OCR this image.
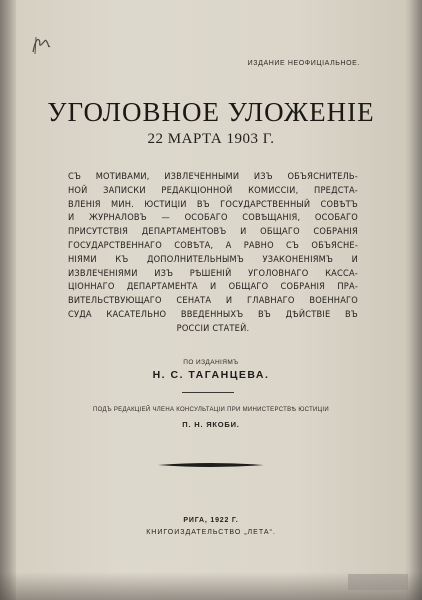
ИЗДАНИЕ НЕОФИЦІАЛЬНОЕ.
УГОЛОВНОЕ УЛОЖЕНІЕ
22 МАРТА 1903 Г.
СЪ МОТИВАМИ, ИЗВЛЕЧЕННЫМИ ИЗЪ ОБЪЯСНИТЕЛЬ-
НОЙ ЗАПИСКИ РЕДАКЦІОННОЙ КОМИССІИ, ПРЕДСТА-
ВЛЕНІЯ МИН. ЮСТИЦІИ ВЪ ГОСУДАРСТВЕННЫЙ СОВѢТЪ
И ЖУРНАЛОВЪ — ОСОБАГО СОВѢЩАНІЯ, ОСОБАГО
ПРИСУТСТВІЯ ДЕПАРТАМЕНТОВЪ И ОБЩАГО СОБРАНІЯ
ГОСУДАРСТВЕННАГО СОВѢТА, А РАВНО СЪ ОБЪЯСНЕ-
НІЯМИ КЪ ДОПОЛНИТЕЛЬНЫМЪ УЗАКОНЕНІЯМЪ И
ИЗВЛЕЧЕНІЯМИ ИЗЪ РѢШЕНІЙ УГОЛОВНАГО КАССА-
ЦІОННАГО ДЕПАРТАМЕНТА И ОБЩАГО СОБРАНІЯ ПРА-
ВИТЕЛЬСТВУЮЩАГО СЕНАТА И ГЛАВНАГО ВОЕННАГО
СУДА КАСАТЕЛЬНО ВВЕДЕННЫХЪ ВЪ ДѢЙСТВІЕ ВЪ
РОССІИ СТАТЕЙ.
ПО ИЗДАНІЯМЪ
Н. С. ТАГАНЦЕВА.
ПОДЪ РЕДАКЦІЕЙ ЧЛЕНА КОНСУЛЬТАЦІИ ПРИ МИНИСТЕРСТВѢ ЮСТИЦІИ
П. Н. ЯКОБИ.
РИГА, 1922 Г.
КНИГОИЗДАТЕЛЬСТВО „ЛЕТА“.
